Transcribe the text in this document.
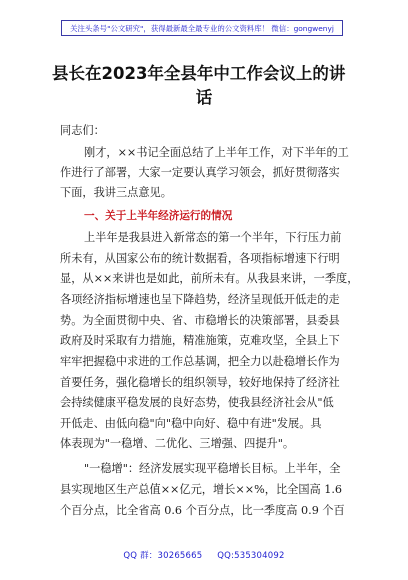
关注头条号"公文研究"，获得最新最全最专业的公文资料库！ 微信：gongwenyj
县长在2023年全县年中工作会议上的讲
话
同志们：
刚才，××书记全面总结了上半年工作，对下半年的工
作进行了部署，大家一定要认真学习领会，抓好贯彻落实
下面，我讲三点意见。
一、关于上半年经济运行的情况
上半年是我县进入新常态的第一个半年，下行压力前
所未有，从国家公布的统计数据看，各项指标增速下行明
显，从××来讲也是如此，前所未有。从我县来讲，一季度，
各项经济指标增速也呈下降趋势，经济呈现低开低走的走
势。为全面贯彻中央、省、市稳增长的决策部署，县委县
政府及时采取有力措施，精准施策，克难攻坚，全县上下
牢牢把握稳中求进的工作总基调，把全力以赴稳增长作为
首要任务，强化稳增长的组织领导，较好地保持了经济社
会持续健康平稳发展的良好态势，使我县经济社会从"低
开低走、由低向稳"向"稳中向好、稳中有进"发展。具
体表现为"一稳增、二优化、三增强、四提升"。
"一稳增"：经济发展实现平稳增长目标。上半年，全
县实现地区生产总值××亿元，增长××%，比全国高 1.6
个百分点，比全省高 0.6 个百分点，比一季度高 0.9 个百
QQ 群：30265665 QQ:535304092
